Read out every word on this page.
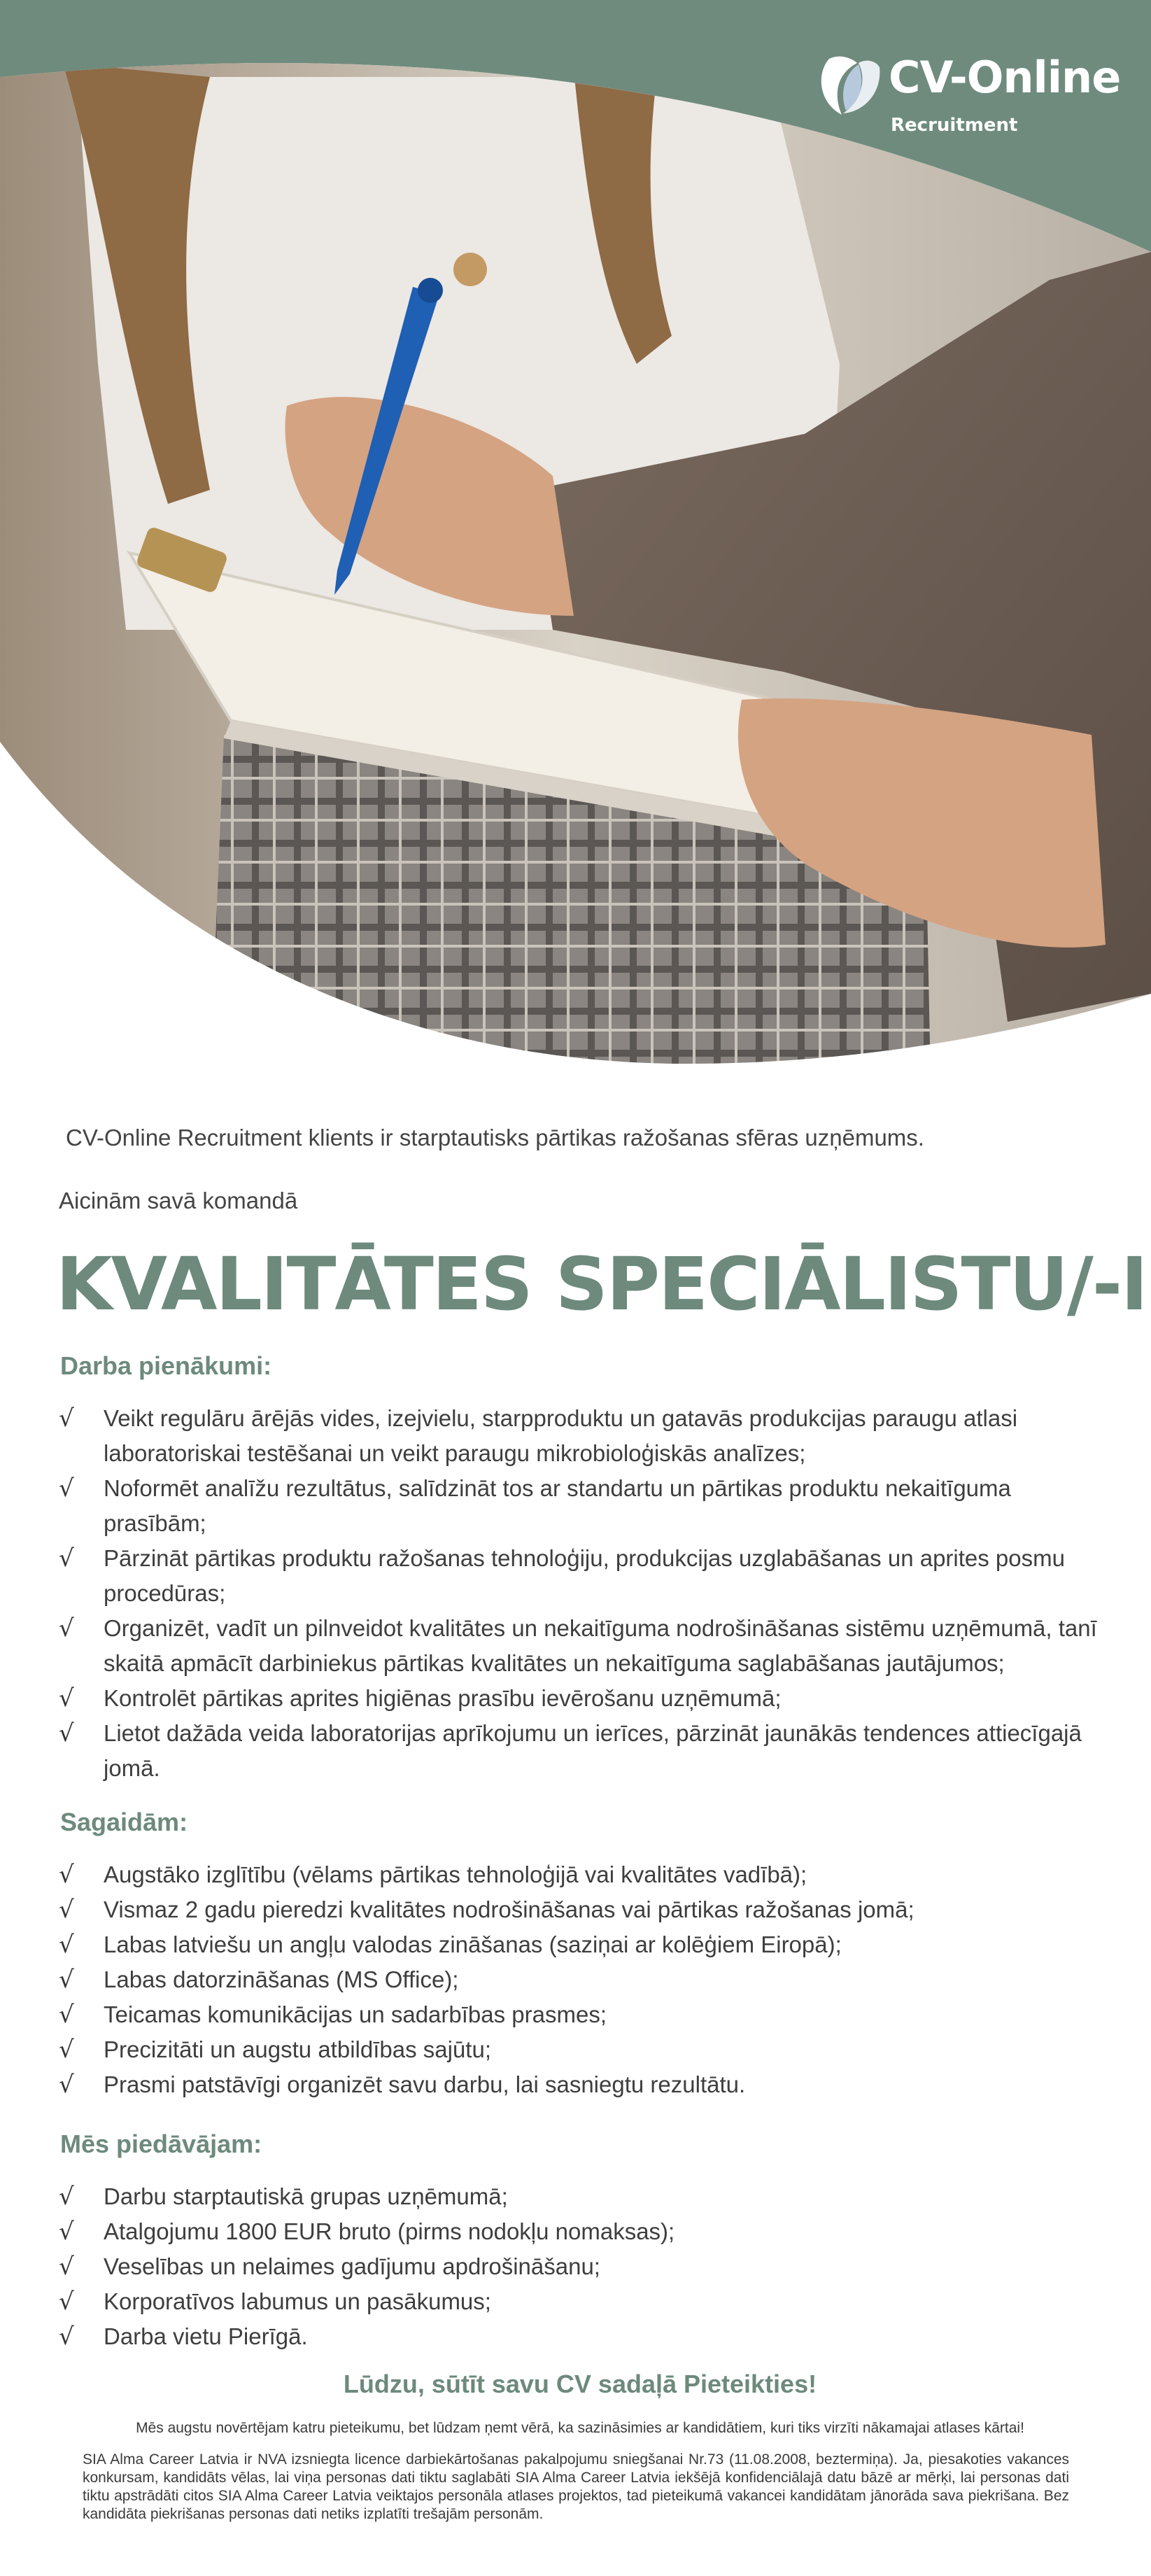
CV-Online
Recruitment

CV-Online Recruitment klients ir starptautisks pārtikas ražošanas sfēras uzņēmums.

Aicinām savā komandā

KVALITĀTES SPECIĀLISTU/-I
Darba pienākumi:
√	Veikt regulāru ārējās vides, izejvielu, starpproduktu un gatavās produkcijas paraugu atlasi laboratoriskai testēšanai un veikt paraugu mikrobioloģiskās analīzes;
√	Noformēt analīžu rezultātus, salīdzināt tos ar standartu un pārtikas produktu nekaitīguma prasībām;
√	Pārzināt pārtikas produktu ražošanas tehnoloģiju, produkcijas uzglabāšanas un aprites posmu procedūras;
√	Organizēt, vadīt un pilnveidot kvalitātes un nekaitīguma nodrošināšanas sistēmu uzņēmumā, tanī skaitā apmācīt darbiniekus pārtikas kvalitātes un nekaitīguma saglabāšanas jautājumos;
√	Kontrolēt pārtikas aprites higiēnas prasību ievērošanu uzņēmumā;
√	Lietot dažāda veida laboratorijas aprīkojumu un ierīces, pārzināt jaunākās tendences attiecīgajā jomā.
Sagaidām:
√	Augstāko izglītību (vēlams pārtikas tehnoloģijā vai kvalitātes vadībā);
√	Vismaz 2 gadu pieredzi kvalitātes nodrošināšanas vai pārtikas ražošanas jomā;
√	Labas latviešu un angļu valodas zināšanas (saziņai ar kolēģiem Eiropā);
√	Labas datorzināšanas (MS Office);
√	Teicamas komunikācijas un sadarbības prasmes;
√	Precizitāti un augstu atbildības sajūtu;
√	Prasmi patstāvīgi organizēt savu darbu, lai sasniegtu rezultātu.
Mēs piedāvājam:
√	Darbu starptautiskā grupas uzņēmumā;
√	Atalgojumu 1800 EUR bruto (pirms nodokļu nomaksas);
√	Veselības un nelaimes gadījumu apdrošināšanu;
√	Korporatīvos labumus un pasākumus;
√	Darba vietu Pierīgā.

Lūdzu, sūtīt savu CV sadaļā Pieteikties!

Mēs augstu novērtējam katru pieteikumu, bet lūdzam ņemt vērā, ka sazināsimies ar kandidātiem, kuri tiks virzīti nākamajai atlases kārtai!

SIA Alma Career Latvia ir NVA izsniegta licence darbiekārtošanas pakalpojumu sniegšanai Nr.73 (11.08.2008, beztermiņa). Ja, piesakoties vakances konkursam, kandidāts vēlas, lai viņa personas dati tiktu saglabāti SIA Alma Career Latvia iekšējā konfidenciālajā datu bāzē ar mērķi, lai personas dati tiktu apstrādāti citos SIA Alma Career Latvia veiktajos personāla atlases projektos, tad pieteikumā vakancei kandidātam jānorāda sava piekrišana. Bez kandidāta piekrišanas personas dati netiks izplatīti trešajām personām.
